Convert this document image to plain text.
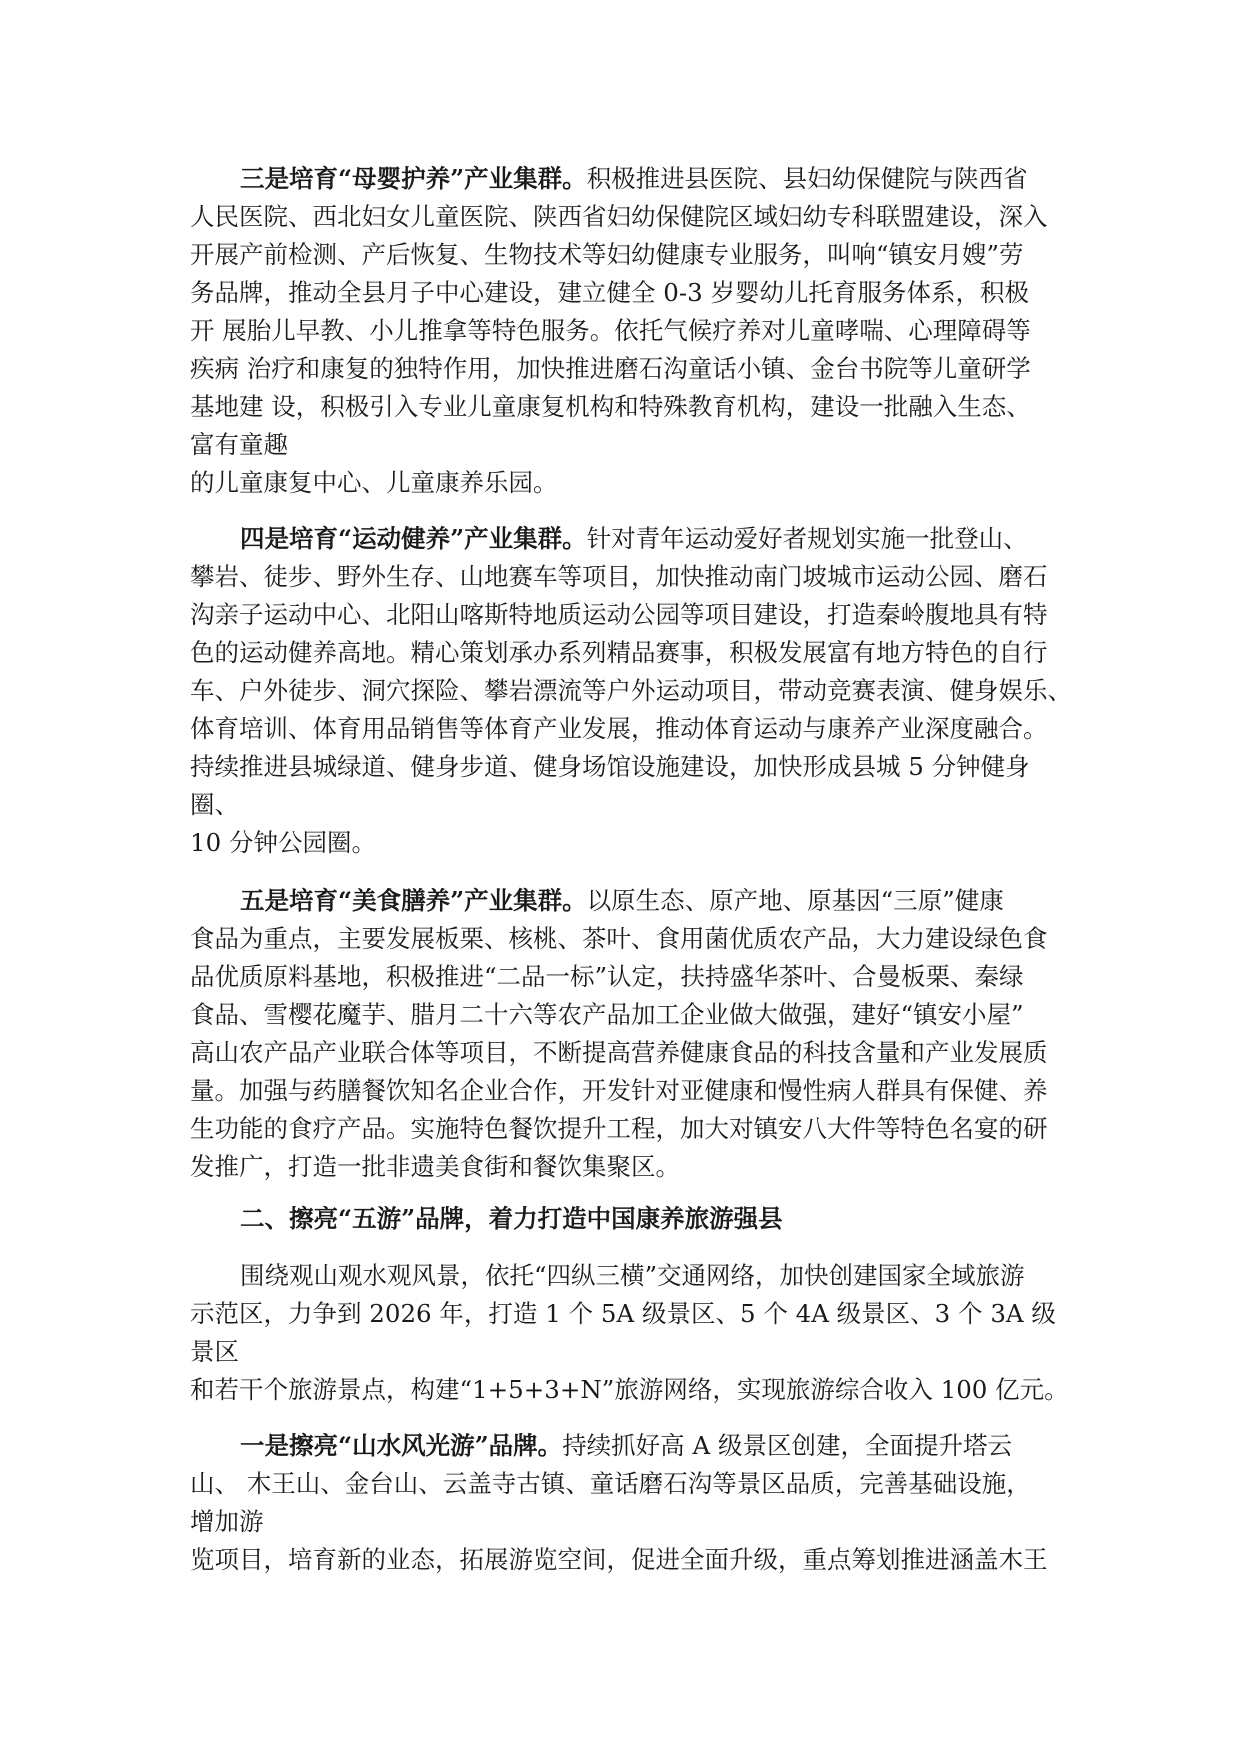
三是培育“母婴护养”产业集群。积极推进县医院、县妇幼保健院与陕西省
人民医院、西北妇女儿童医院、陕西省妇幼保健院区域妇幼专科联盟建设，深入
开展产前检测、产后恢复、生物技术等妇幼健康专业服务，叫响“镇安月嫂”劳
务品牌，推动全县月子中心建设，建立健全 0-3 岁婴幼儿托育服务体系，积极
开 展胎儿早教、小儿推拿等特色服务。依托气候疗养对儿童哮喘、心理障碍等
疾病 治疗和康复的独特作用，加快推进磨石沟童话小镇、金台书院等儿童研学
基地建 设，积极引入专业儿童康复机构和特殊教育机构，建设一批融入生态、
富有童趣
的儿童康复中心、儿童康养乐园。
四是培育“运动健养”产业集群。针对青年运动爱好者规划实施一批登山、
攀岩、徒步、野外生存、山地赛车等项目，加快推动南门坡城市运动公园、磨石
沟亲子运动中心、北阳山喀斯特地质运动公园等项目建设，打造秦岭腹地具有特
色的运动健养高地。精心策划承办系列精品赛事，积极发展富有地方特色的自行
车、户外徒步、洞穴探险、攀岩漂流等户外运动项目，带动竞赛表演、健身娱乐、
体育培训、体育用品销售等体育产业发展，推动体育运动与康养产业深度融合。
持续推进县城绿道、健身步道、健身场馆设施建设，加快形成县城 5 分钟健身
圈、
10 分钟公园圈。
五是培育“美食膳养”产业集群。以原生态、原产地、原基因“三原”健康
食品为重点，主要发展板栗、核桃、茶叶、食用菌优质农产品，大力建设绿色食
品优质原料基地，积极推进“二品一标”认定，扶持盛华茶叶、合曼板栗、秦绿
食品、雪樱花魔芋、腊月二十六等农产品加工企业做大做强，建好“镇安小屋”
高山农产品产业联合体等项目，不断提高营养健康食品的科技含量和产业发展质
量。加强与药膳餐饮知名企业合作，开发针对亚健康和慢性病人群具有保健、养
生功能的食疗产品。实施特色餐饮提升工程，加大对镇安八大件等特色名宴的研
发推广，打造一批非遗美食街和餐饮集聚区。
二、擦亮“五游”品牌，着力打造中国康养旅游强县
围绕观山观水观风景，依托“四纵三横”交通网络，加快创建国家全域旅游
示范区，力争到 2026 年，打造 1 个 5A 级景区、5 个 4A 级景区、3 个 3A 级
景区
和若干个旅游景点，构建“1+5+3+N”旅游网络，实现旅游综合收入 100 亿元。
一是擦亮“山水风光游”品牌。持续抓好高 A 级景区创建，全面提升塔云
山、 木王山、金台山、云盖寺古镇、童话磨石沟等景区品质，完善基础设施，
增加游
览项目，培育新的业态，拓展游览空间，促进全面升级，重点筹划推进涵盖木王
